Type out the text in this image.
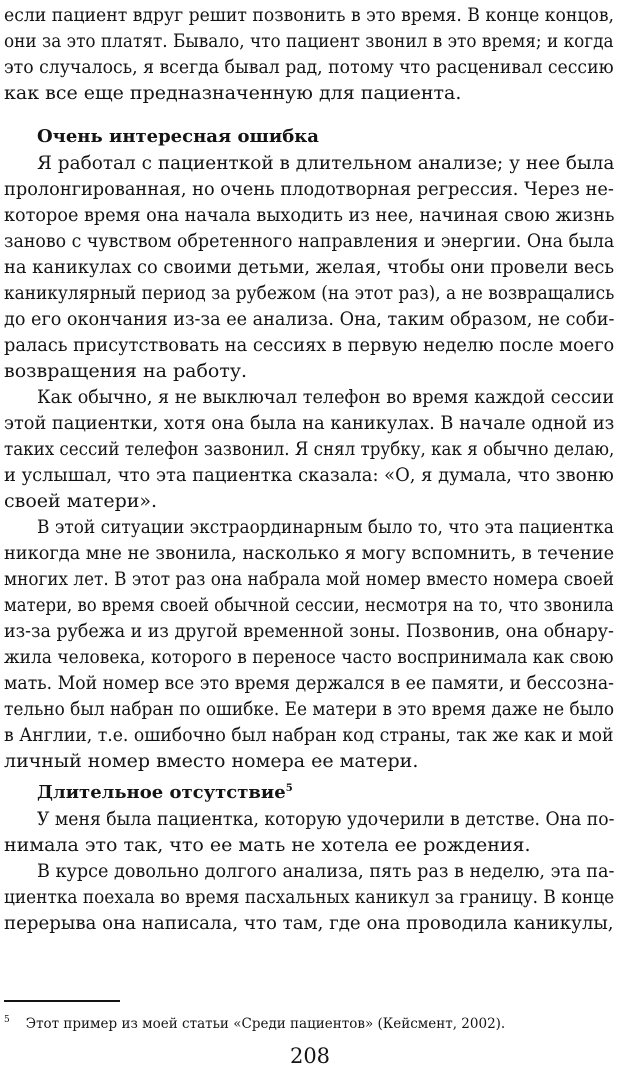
если пациент вдруг решит позвонить в это время. В конце концов,
они за это платят. Бывало, что пациент звонил в это время; и когда
это случалось, я всегда бывал рад, потому что расценивал сессию
как все еще предназначенную для пациента.
Очень интересная ошибка
Я работал с пациенткой в длительном анализе; у нее была
пролонгированная, но очень плодотворная регрессия. Через не-
которое время она начала выходить из нее, начиная свою жизнь
заново с чувством обретенного направления и энергии. Она была
на каникулах со своими детьми, желая, чтобы они провели весь
каникулярный период за рубежом (на этот раз), а не возвращались
до его окончания из-за ее анализа. Она, таким образом, не соби-
ралась присутствовать на сессиях в первую неделю после моего
возвращения на работу.
Как обычно, я не выключал телефон во время каждой сессии
этой пациентки, хотя она была на каникулах. В начале одной из
таких сессий телефон зазвонил. Я снял трубку, как я обычно делаю,
и услышал, что эта пациентка сказала: «О, я думала, что звоню
своей матери».
В этой ситуации экстраординарным было то, что эта пациентка
никогда мне не звонила, насколько я могу вспомнить, в течение
многих лет. В этот раз она набрала мой номер вместо номера своей
матери, во время своей обычной сессии, несмотря на то, что звонила
из-за рубежа и из другой временной зоны. Позвонив, она обнару-
жила человека, которого в переносе часто воспринимала как свою
мать. Мой номер все это время держался в ее памяти, и бессозна-
тельно был набран по ошибке. Ее матери в это время даже не было
в Англии, т.е. ошибочно был набран код страны, так же как и мой
личный номер вместо номера ее матери.
Длительное отсутствие$^5$
У меня была пациентка, которую удочерили в детстве. Она по-
нимала это так, что ее мать не хотела ее рождения.
В курсе довольно долгого анализа, пять раз в неделю, эта па-
циентка поехала во время пасхальных каникул за границу. В конце
перерыва она написала, что там, где она проводила каникулы,
$^5$ Этот пример из моей статьи «Среди пациентов» (Кейсмент, 2002).
208
